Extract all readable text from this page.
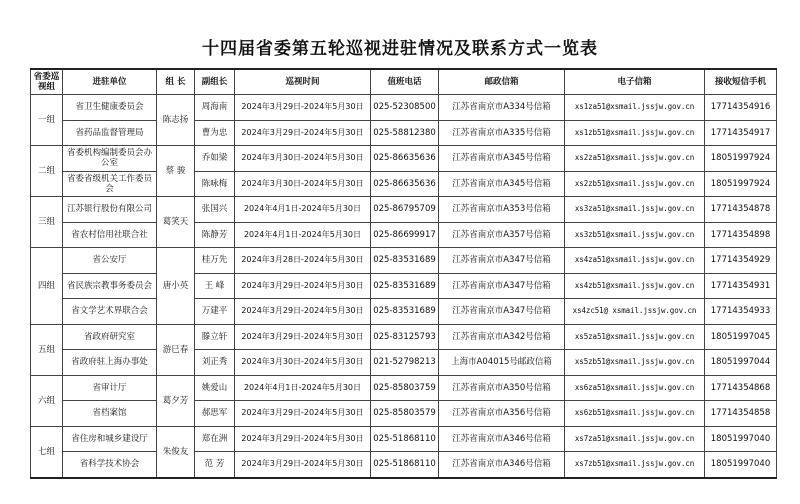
十四届省委第五轮巡视进驻情况及联系方式一览表
省委巡视组	进驻单位	组 长	副组长	巡视时间	值班电话	邮政信箱	电子信箱	接收短信手机
一组	省卫生健康委员会	陈志扬	周海南	2024年3月29日-2024年5月30日	025-52308500	江苏省南京市A334号信箱	xs1za51@xsmail.jssjw.gov.cn	17714354916
	省药品监督管理局		曹为忠	2024年3月29日-2024年5月30日	025-58812380	江苏省南京市A335号信箱	xs1zb51@xsmail.jssjw.gov.cn	17714354917
二组	省委机构编制委员会办公室	蔡 骏	乔如梁	2024年3月30日-2024年5月30日	025-86635636	江苏省南京市A345号信箱	xs2za51@xsmail.jssjw.gov.cn	18051997924
	省委省级机关工作委员会		陈咏梅	2024年3月30日-2024年5月30日	025-86635636	江苏省南京市A345号信箱	xs2zb51@xsmail.jssjw.gov.cn	18051997924
三组	江苏银行股份有限公司	葛笑天	张国兴	2024年4月1日-2024年5月30日	025-86795709	江苏省南京市A353号信箱	xs3za51@xsmail.jssjw.gov.cn	17714354878
	省农村信用社联合社		陈静芳	2024年4月1日-2024年5月30日	025-86699917	江苏省南京市A357号信箱	xs3zb51@xsmail.jssjw.gov.cn	17714354898
四组	省公安厅	唐小英	桂万先	2024年3月28日-2024年5月30日	025-83531689	江苏省南京市A347号信箱	xs4za51@xsmail.jssjw.gov.cn	17714354929
	省民族宗教事务委员会		王 峰	2024年3月29日-2024年5月30日	025-83531689	江苏省南京市A347号信箱	xs4zb51@xsmail.jssjw.gov.cn	17714354931
	省文学艺术界联合会		万建平	2024年3月29日-2024年5月30日	025-83531689	江苏省南京市A347号信箱	xs4zc51@ xsmail.jssjw.gov.cn	17714354933
五组	省政府研究室	游巳春	滕立轩	2024年3月29日-2024年5月30日	025-83125793	江苏省南京市A342号信箱	xs5za51@xsmail.jssjw.gov.cn	18051997045
	省政府驻上海办事处		刘正秀	2024年3月30日-2024年5月30日	021-52798213	上海市A04015号邮政信箱	xs5zb51@xsmail.jssjw.gov.cn	18051997044
六组	省审计厅	葛夕芳	姚爱山	2024年4月1日-2024年5月30日	025-85803759	江苏省南京市A350号信箱	xs6za51@xsmail.jssjw.gov.cn	17714354868
	省档案馆		郝思军	2024年3月29日-2024年5月30日	025-85803579	江苏省南京市A356号信箱	xs6zb51@xsmail.jssjw.gov.cn	17714354858
七组	省住房和城乡建设厅	朱俊友	郑在洲	2024年3月29日-2024年5月30日	025-51868110	江苏省南京市A346号信箱	xs7za51@xsmail.jssjw.gov.cn	18051997040
	省科学技术协会		范 芳	2024年3月29日-2024年5月30日	025-51868110	江苏省南京市A346号信箱	xs7zb51@xsmail.jssjw.gov.cn	18051997040
